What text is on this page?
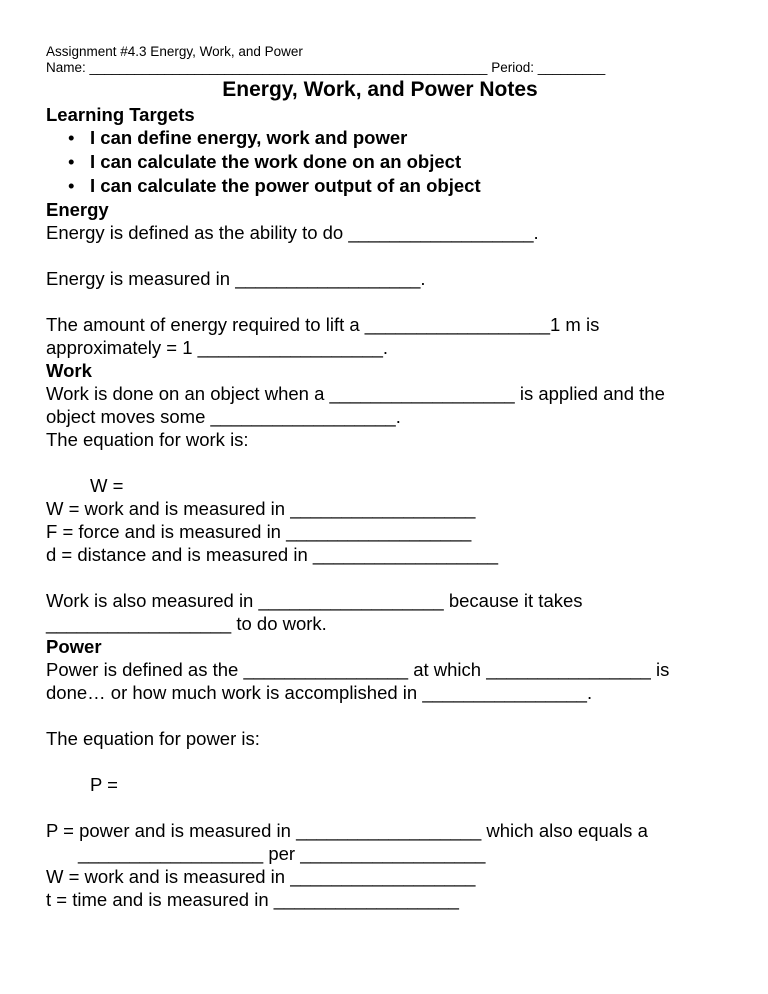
Assignment #4.3 Energy, Work, and Power
Name: _____________________________________________________ Period: _________
Energy, Work, and Power Notes
Learning Targets
• I can define energy, work and power
• I can calculate the work done on an object
• I can calculate the power output of an object
Energy
Energy is defined as the ability to do __________________.
Energy is measured in __________________.
The amount of energy required to lift a __________________1 m is
approximately = 1 __________________.
Work
Work is done on an object when a __________________ is applied and the
object moves some __________________.
The equation for work is:
W =
W = work and is measured in __________________
F = force and is measured in __________________
d = distance and is measured in __________________
Work is also measured in __________________ because it takes
__________________ to do work.
Power
Power is defined as the ________________ at which ________________ is
done… or how much work is accomplished in ________________.
The equation for power is:
P =
P = power and is measured in __________________ which also equals a
__________________ per __________________
W = work and is measured in __________________
t = time and is measured in __________________
